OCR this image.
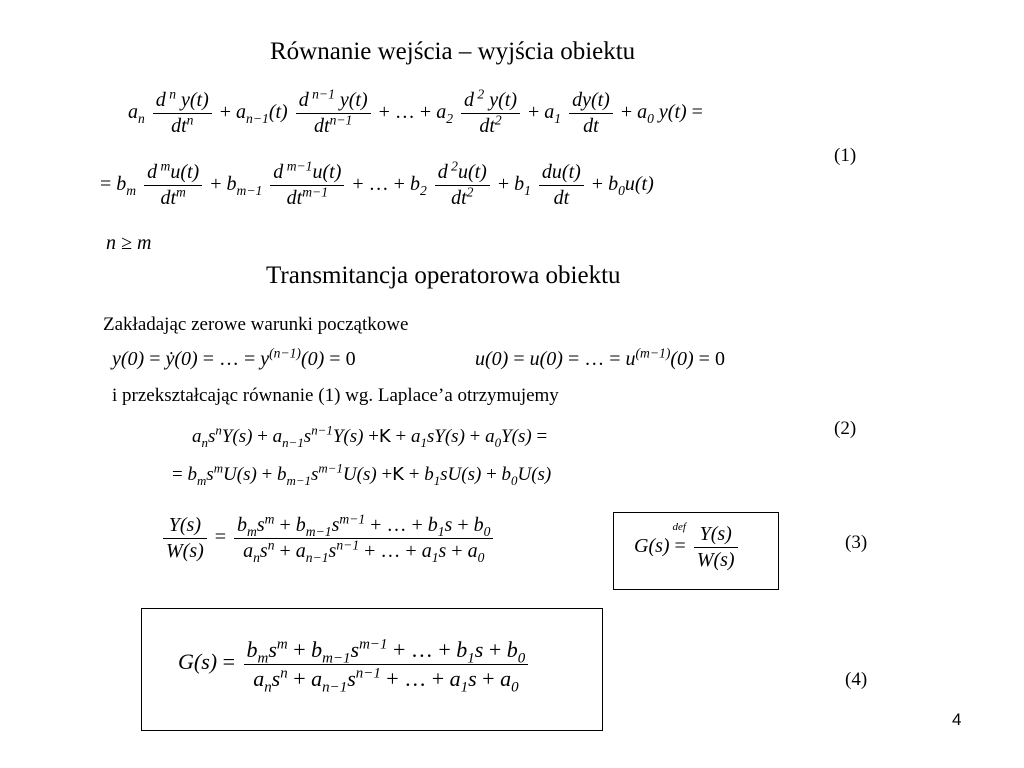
Równanie wejścia – wyjścia obiektu
$a_n \frac{d ^n y(t)}{dt^n} + a_{n-1}(t) \frac{d ^{n-1} y(t)}{dt^{n-1}}$ + … + $a_2 \frac{d ^2 y(t)}{dt^2} + a_1 \frac{dy(t)}{dt} + a_0$ y(t) =
= $b_m \frac{d ^mu(t)}{dt^m} + b_{m-1} \frac{d ^{m-1}u(t)}{dt^{m-1}}$ + … + $b_2 \frac{d ^2u(t)}{dt^2} + b_1 \frac{du(t)}{dt} + b_0u(t)$
(1)
n ≥ m
Transmitancja operatorowa obiektu
Zakładając zerowe warunki początkowe
y(0) = ẏ(0) = … = $y^{(n-1)}(0) = 0$	u(0) = u(0) = … = $u^{(m-1)}(0) = 0$
i przekształcając równanie (1) wg. Laplace’a otrzymujemy
$a_ns^nY(s) + a_{n-1}s^{n-1}Y(s) +K + a_1sY(s) + a_0Y(s)$ =
= $b_ms^mU(s) + b_{m-1}s^{m-1}U(s) +K + b_1sU(s) + b_0U(s)$
(2)
$\frac{Y(s)}{W(s)} = \frac{b_ms^m + b_{m-1}s^{m-1} + \dots + b_1s + b_0}{a_ns^n + a_{n-1}s^{n-1} + \dots + a_1s + a_0}$	G(s) =
def
$\frac{Y(s)}{W(s)}$	(3)
$G(s) = \frac{b_ms^m + b_{m-1}s^{m-1} + \dots + b_1s + b_0}{a_ns^n + a_{n-1}s^{n-1} + \dots + a_1s + a_0}$	(4)
4
